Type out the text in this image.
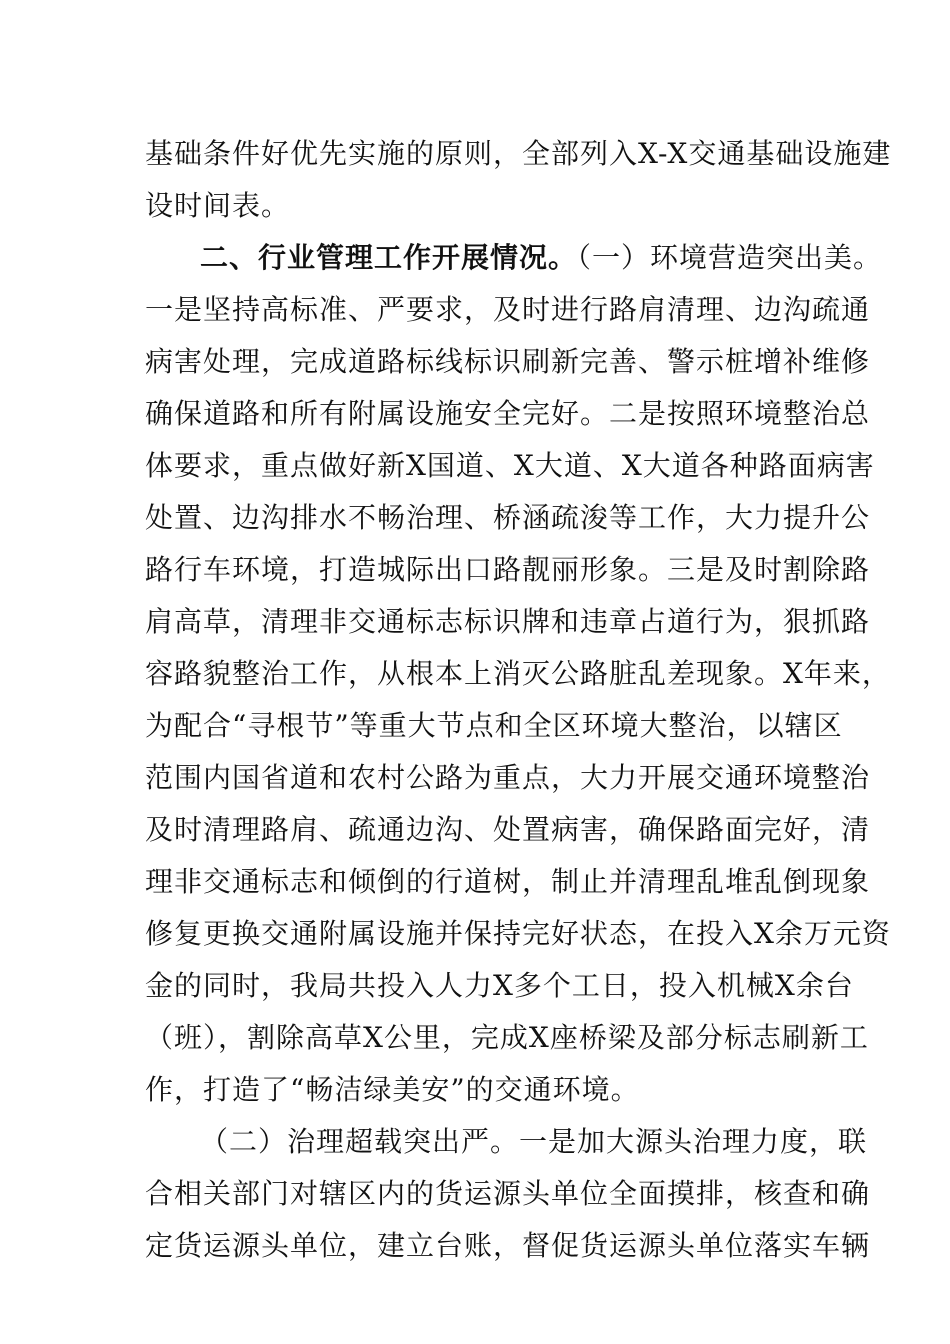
基础条件好优先实施的原则，全部列入X-X交通基础设施建
设时间表。
二、行业管理工作开展情况。（一）环境营造突出美。
一是坚持高标准、严要求，及时进行路肩清理、边沟疏通
病害处理，完成道路标线标识刷新完善、警示桩增补维修
确保道路和所有附属设施安全完好。二是按照环境整治总
体要求，重点做好新X国道、X大道、X大道各种路面病害
处置、边沟排水不畅治理、桥涵疏浚等工作，大力提升公
路行车环境，打造城际出口路靓丽形象。三是及时割除路
肩高草，清理非交通标志标识牌和违章占道行为，狠抓路
容路貌整治工作，从根本上消灭公路脏乱差现象。X年来，
为配合“寻根节”等重大节点和全区环境大整治，以辖区
范围内国省道和农村公路为重点，大力开展交通环境整治
及时清理路肩、疏通边沟、处置病害，确保路面完好，清
理非交通标志和倾倒的行道树，制止并清理乱堆乱倒现象
修复更换交通附属设施并保持完好状态，在投入X余万元资
金的同时，我局共投入人力X多个工日，投入机械X余台
（班），割除高草X公里，完成X座桥梁及部分标志刷新工
作，打造了“畅洁绿美安”的交通环境。
（二）治理超载突出严。一是加大源头治理力度，联
合相关部门对辖区内的货运源头单位全面摸排，核查和确
定货运源头单位，建立台账，督促货运源头单位落实车辆
